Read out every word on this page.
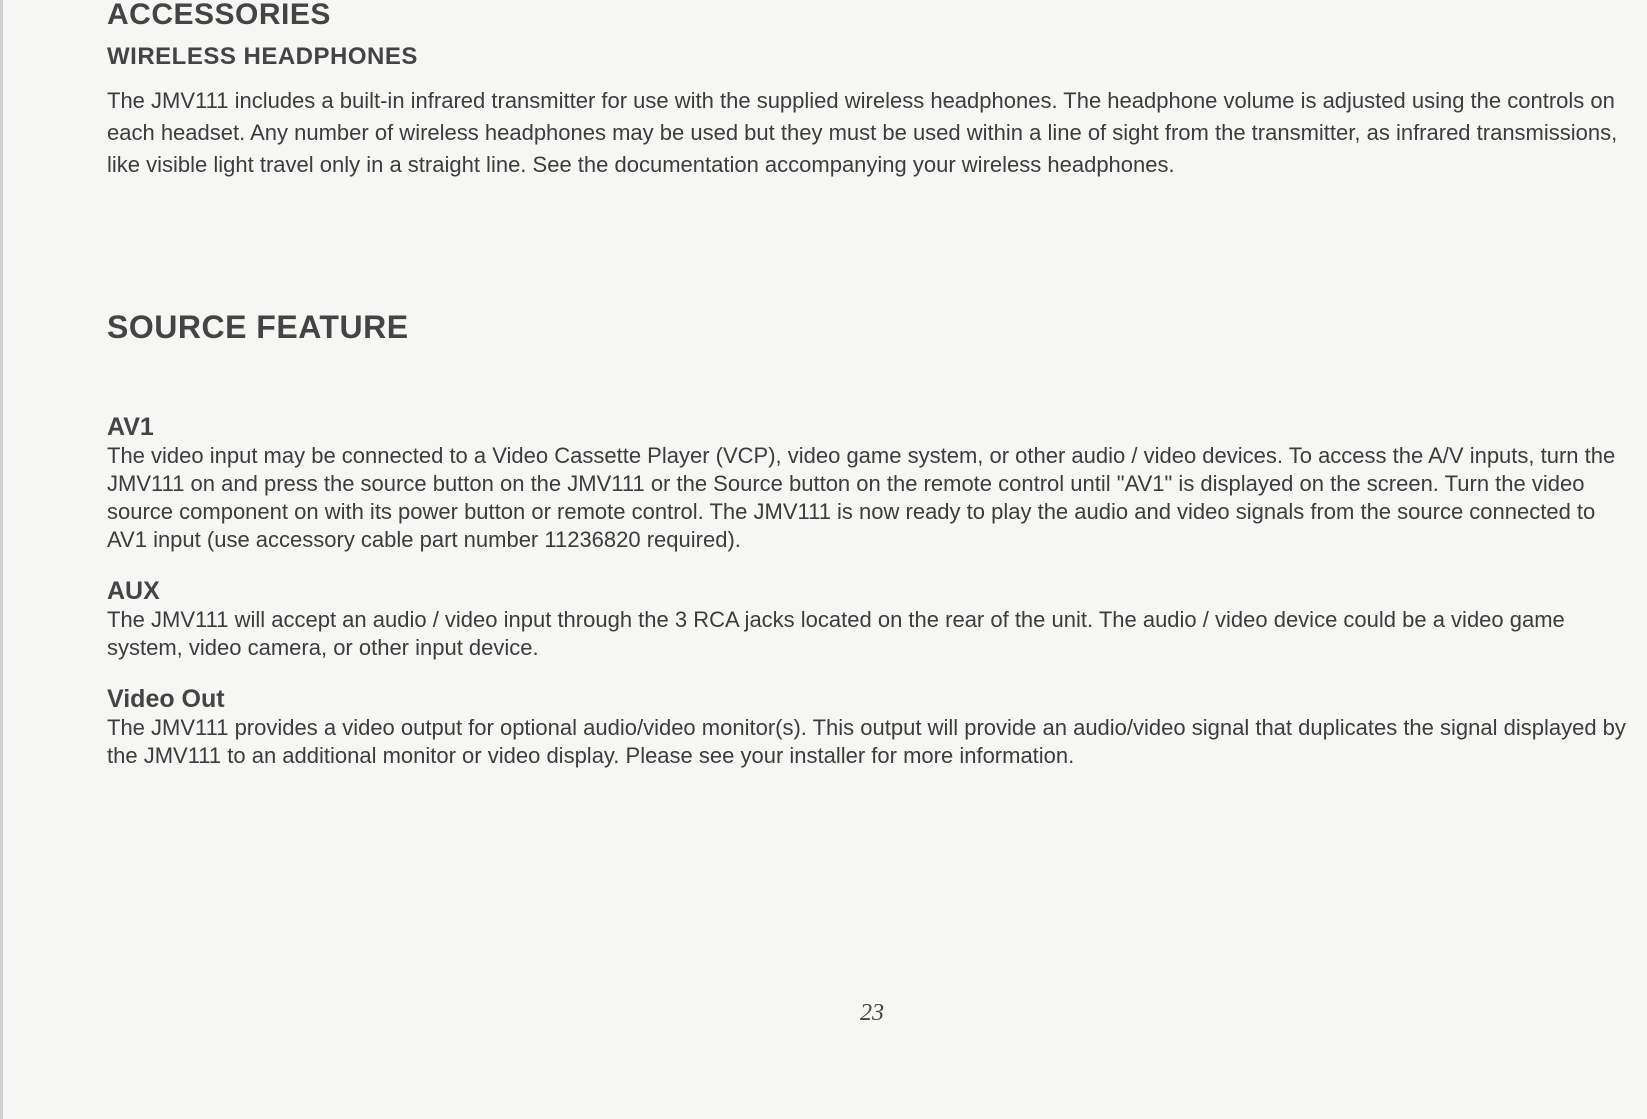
ACCESSORIES
WIRELESS HEADPHONES

The JMV111 includes a built-in infrared transmitter for use with the supplied wireless headphones. The headphone volume is adjusted using the controls on each headset. Any number of wireless headphones may be used but they must be used within a line of sight from the transmitter, as infrared transmissions, like visible light travel only in a straight line. See the documentation accompanying your wireless headphones.

SOURCE FEATURE
AV1

The video input may be connected to a Video Cassette Player (VCP), video game system, or other audio / video devices. To access the A/V inputs, turn the JMV111 on and press the source button on the JMV111 or the Source button on the remote control until "AV1" is displayed on the screen. Turn the video source component on with its power button or remote control. The JMV111 is now ready to play the audio and video signals from the source connected to AV1 input (use accessory cable part number 11236820 required).

AUX

The JMV111 will accept an audio / video input through the 3 RCA jacks located on the rear of the unit. The audio / video device could be a video game system, video camera, or other input device.

Video Out

The JMV111 provides a video output for optional audio/video monitor(s). This output will provide an audio/video signal that duplicates the signal displayed by the JMV111 to an additional monitor or video display. Please see your installer for more information.

23
